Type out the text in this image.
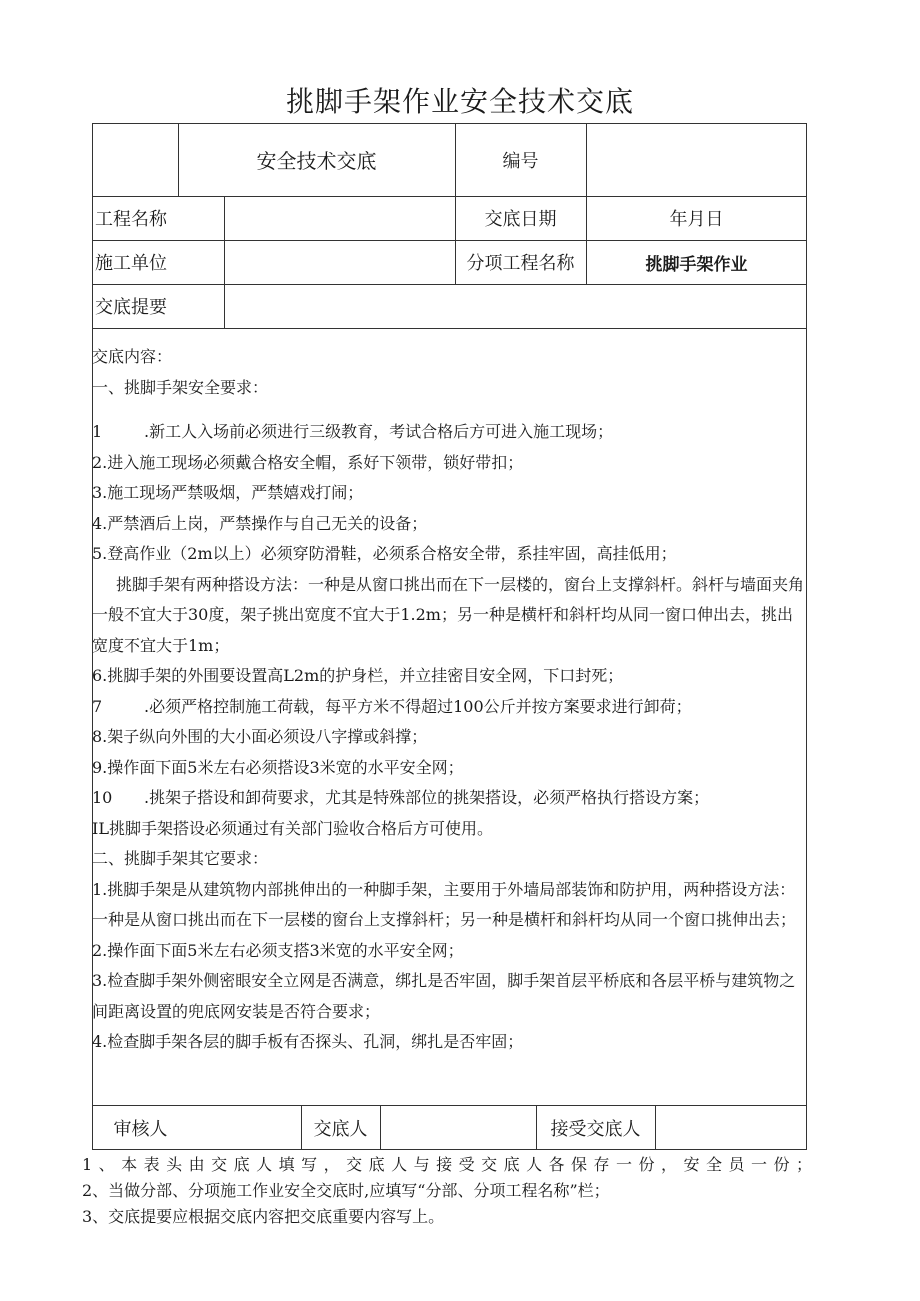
挑脚手架作业安全技术交底
安全技术交底	编号
工程名称	交底日期	年月日
施工单位	分项工程名称	挑脚手架作业
交底提要

交底内容：

一、挑脚手架安全要求：

1	.新工人入场前必须进行三级教育，考试合格后方可进入施工现场；

2.进入施工现场必须戴合格安全帽，系好下领带，锁好带扣；

3.施工现场严禁吸烟，严禁嬉戏打闹；

4.严禁酒后上岗，严禁操作与自己无关的设备；

5.登高作业（2m以上）必须穿防滑鞋，必须系合格安全带，系挂牢固，高挂低用；

挑脚手架有两种搭设方法：一种是从窗口挑出而在下一层楼的，窗台上支撑斜杆。斜杆与墙面夹角一般不宜大于30度，架子挑出宽度不宜大于1.2m；另一种是横杆和斜杆均从同一窗口伸出去，挑出宽度不宜大于1m；

6.挑脚手架的外围要设置高L2m的护身栏，并立挂密目安全网，下口封死；

7	.必须严格控制施工荷载，每平方米不得超过100公斤并按方案要求进行卸荷；

8.架子纵向外围的大小面必须设八字撑或斜撑；

9.操作面下面5米左右必须搭设3米宽的水平安全网；

10 .挑架子搭设和卸荷要求，尤其是特殊部位的挑架搭设，必须严格执行搭设方案；

IL挑脚手架搭设必须通过有关部门验收合格后方可使用。

二、挑脚手架其它要求：

1.挑脚手架是从建筑物内部挑伸出的一种脚手架，主要用于外墙局部装饰和防护用，两种搭设方法：一种是从窗口挑出而在下一层楼的窗台上支撑斜杆；另一种是横杆和斜杆均从同一个窗口挑伸出去；

2.操作面下面5米左右必须支搭3米宽的水平安全网；

3.检查脚手架外侧密眼安全立网是否满意，绑扎是否牢固，脚手架首层平桥底和各层平桥与建筑物之间距离设置的兜底网安装是否符合要求；

4.检查脚手架各层的脚手板有否探头、孔洞，绑扎是否牢固；

审核人	交底人	接受交底人
1、本表头由交底人填写，交底人与接受交底人各保存一份，安全员一份；
2、当做分部、分项施工作业安全交底时,应填写“分部、分项工程名称”栏；
3、交底提要应根据交底内容把交底重要内容写上。
